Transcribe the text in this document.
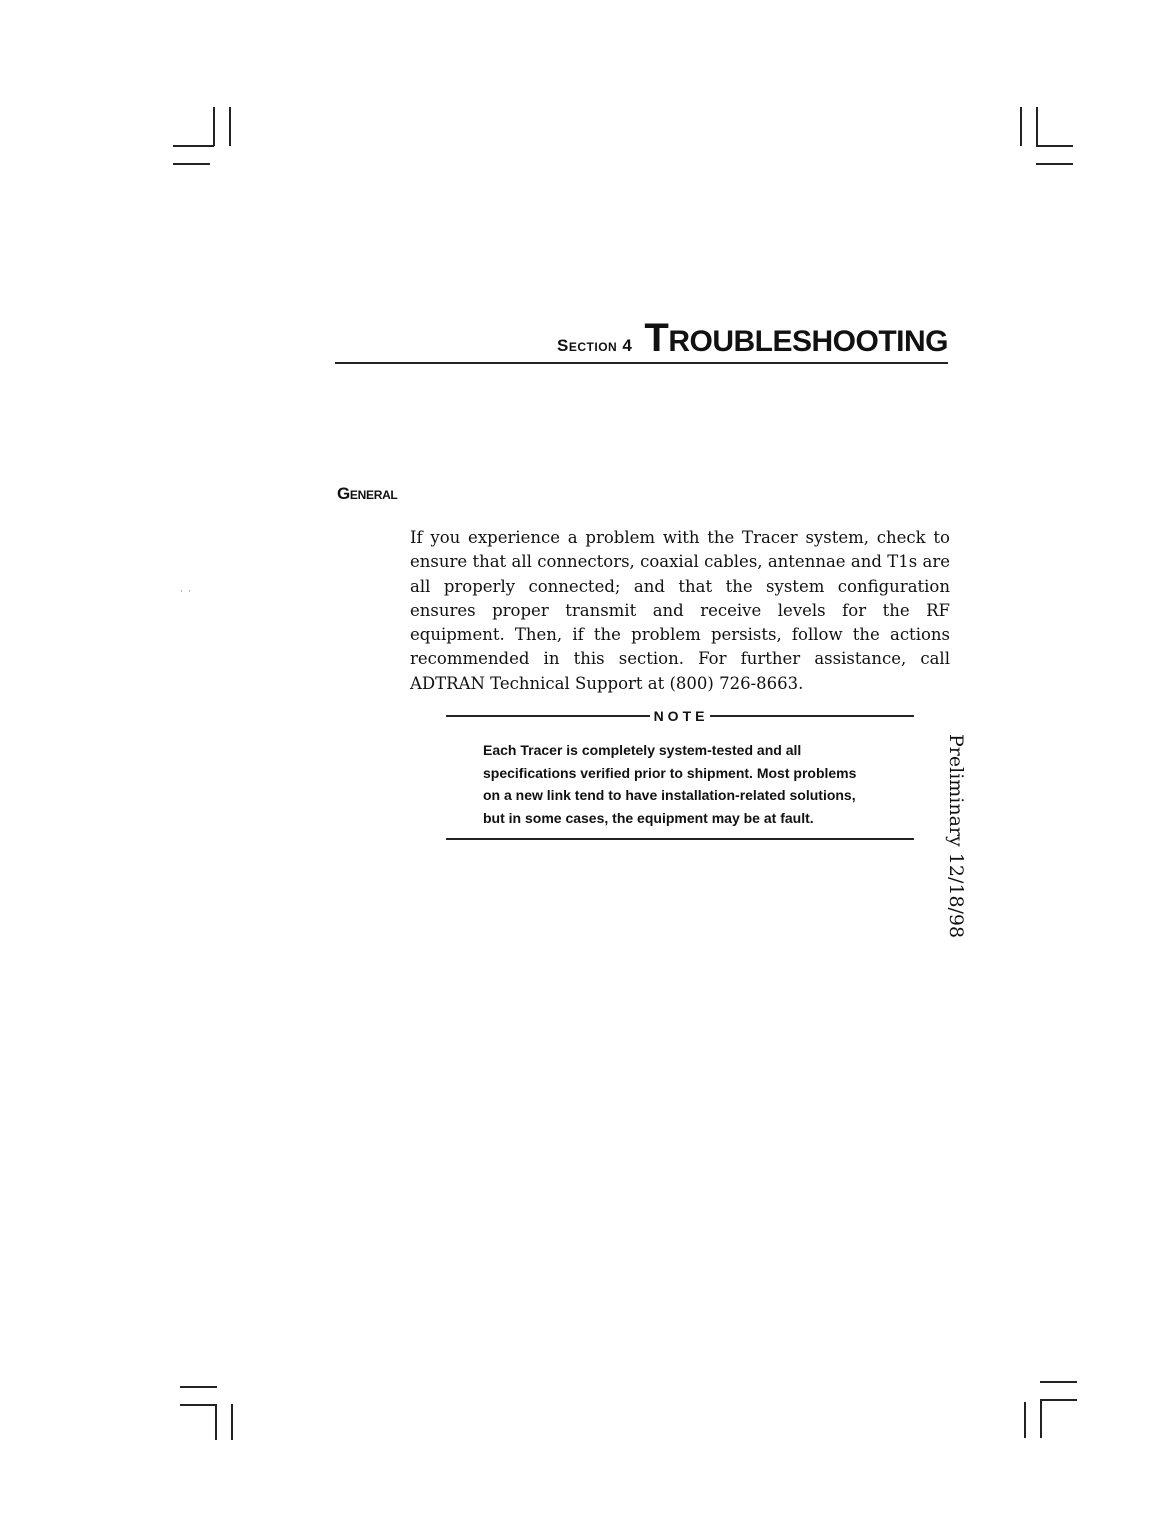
Section 4 TROUBLESHOOTING
General
If you experience a problem with the Tracer system, check to ensure that all connectors, coaxial cables, antennae and T1s are all properly connected; and that the system configuration ensures proper transmit and receive levels for the RF equipment. Then, if the problem persists, follow the actions recommended in this section. For further assistance, call ADTRAN Technical Support at (800) 726-8663.
NOTE
Each Tracer is completely system-tested and all
specifications verified prior to shipment. Most problems
on a new link tend to have installation-related solutions,
but in some cases, the equipment may be at fault.	Preliminary 12/18/98
˙ ˙
